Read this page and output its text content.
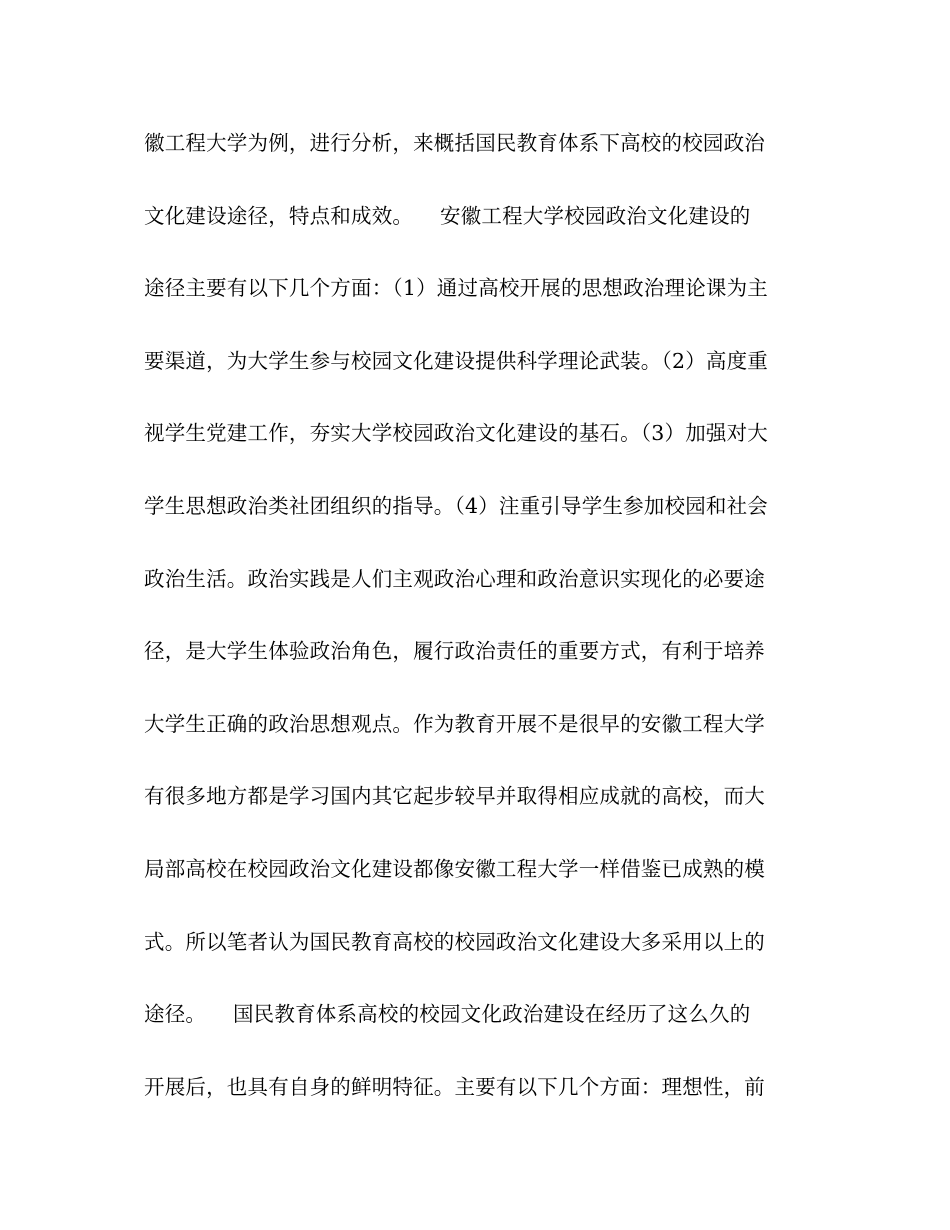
徽工程大学为例，进行分析，来概括国民教育体系下高校的校园政治
文化建设途径，特点和成效。    安徽工程大学校园政治文化建设的
途径主要有以下几个方面：（1）通过高校开展的思想政治理论课为主
要渠道，为大学生参与校园文化建设提供科学理论武装。（2）高度重
视学生党建工作，夯实大学校园政治文化建设的基石。（3）加强对大
学生思想政治类社团组织的指导。（4）注重引导学生参加校园和社会
政治生活。政治实践是人们主观政治心理和政治意识实现化的必要途
径，是大学生体验政治角色，履行政治责任的重要方式，有利于培养
大学生正确的政治思想观点。作为教育开展不是很早的安徽工程大学
有很多地方都是学习国内其它起步较早并取得相应成就的高校，而大
局部高校在校园政治文化建设都像安徽工程大学一样借鉴已成熟的模
式。所以笔者认为国民教育高校的校园政治文化建设大多采用以上的
途径。    国民教育体系高校的校园文化政治建设在经历了这么久的
开展后，也具有自身的鲜明特征。主要有以下几个方面：理想性，前
